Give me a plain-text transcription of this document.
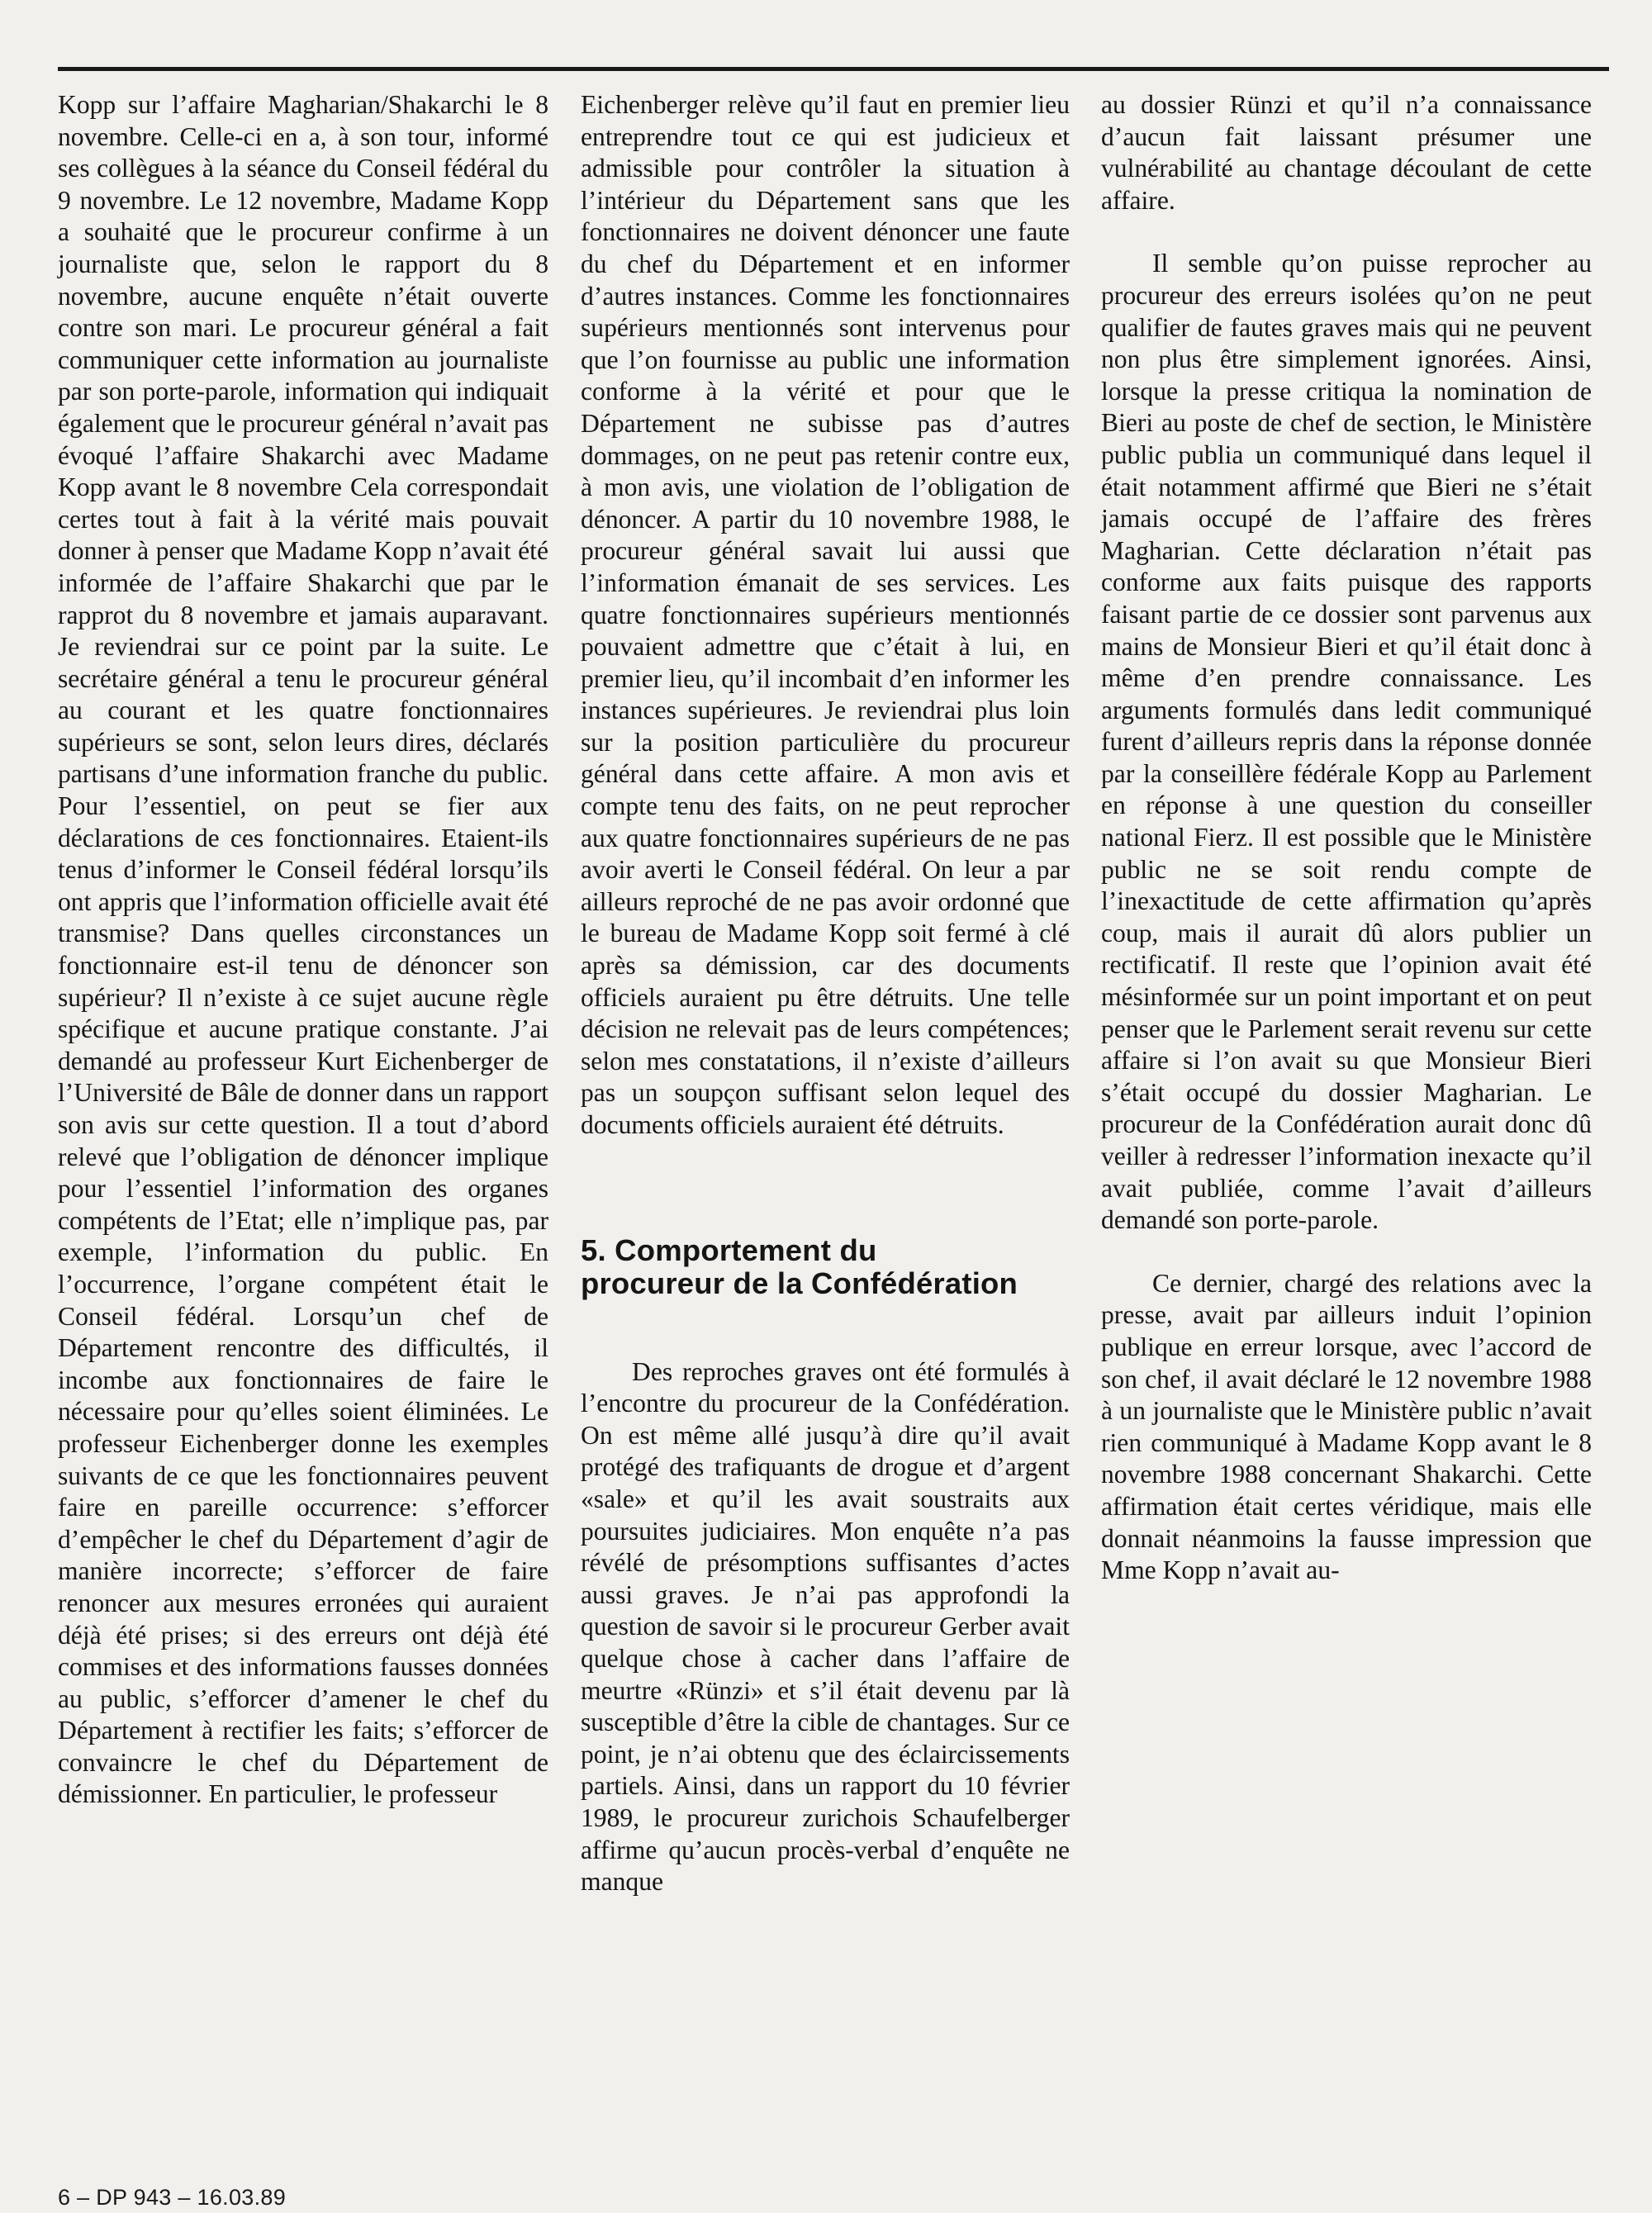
Kopp sur l’affaire Magharian/Shakarchi le 8 novembre. Celle-ci en a, à son tour, informé ses collègues à la séance du Conseil fédéral du 9 novembre. Le 12 novembre, Madame Kopp a souhaité que le procureur confirme à un journaliste que, selon le rapport du 8 novembre, aucune enquête n’était ouverte contre son mari. Le procureur général a fait communiquer cette information au journaliste par son porte-parole, information qui indiquait également que le procureur général n’avait pas évoqué l’affaire Shakarchi avec Madame Kopp avant le 8 novembre Cela correspondait certes tout à fait à la vérité mais pouvait donner à penser que Madame Kopp n’avait été informée de l’affaire Shakarchi que par le rapprot du 8 novembre et jamais auparavant. Je reviendrai sur ce point par la suite. Le secrétaire général a tenu le procureur général au courant et les quatre fonctionnaires supérieurs se sont, selon leurs dires, déclarés partisans d’une information franche du public. Pour l’essentiel, on peut se fier aux déclarations de ces fonctionnaires. Etaient-ils tenus d’informer le Conseil fédéral lorsqu’ils ont appris que l’information officielle avait été transmise? Dans quelles circonstances un fonctionnaire est-il tenu de dénoncer son supérieur? Il n’existe à ce sujet aucune règle spécifique et aucune pratique constante. J’ai demandé au professeur Kurt Eichenberger de l’Université de Bâle de donner dans un rapport son avis sur cette question. Il a tout d’abord relevé que l’obligation de dénoncer implique pour l’essentiel l’information des organes compétents de l’Etat; elle n’implique pas, par exemple, l’information du public. En l’occurrence, l’organe compétent était le Conseil fédéral. Lorsqu’un chef de Département rencontre des difficultés, il incombe aux fonctionnaires de faire le nécessaire pour qu’elles soient éliminées. Le professeur Eichenberger donne les exemples suivants de ce que les fonctionnaires peuvent faire en pareille occurrence: s’efforcer d’empêcher le chef du Département d’agir de manière incorrecte; s’efforcer de faire renoncer aux mesures erronées qui auraient déjà été prises; si des erreurs ont déjà été commises et des informations fausses données au public, s’efforcer d’amener le chef du Département à rectifier les faits; s’efforcer de convaincre le chef du Département de démissionner. En particulier, le professeur

Eichenberger relève qu’il faut en premier lieu entreprendre tout ce qui est judicieux et admissible pour contrôler la situation à l’intérieur du Département sans que les fonctionnaires ne doivent dénoncer une faute du chef du Département et en informer d’autres instances. Comme les fonctionnaires supérieurs mentionnés sont intervenus pour que l’on fournisse au public une information conforme à la vérité et pour que le Département ne subisse pas d’autres dommages, on ne peut pas retenir contre eux, à mon avis, une violation de l’obligation de dénoncer. A partir du 10 novembre 1988, le procureur général savait lui aussi que l’information émanait de ses services. Les quatre fonctionnaires supérieurs mentionnés pouvaient admettre que c’était à lui, en premier lieu, qu’il incombait d’en informer les instances supérieures. Je reviendrai plus loin sur la position particulière du procureur général dans cette affaire. A mon avis et compte tenu des faits, on ne peut reprocher aux quatre fonctionnaires supérieurs de ne pas avoir averti le Conseil fédéral. On leur a par ailleurs reproché de ne pas avoir ordonné que le bureau de Madame Kopp soit fermé à clé après sa démission, car des documents officiels auraient pu être détruits. Une telle décision ne relevait pas de leurs compétences; selon mes constatations, il n’existe d’ailleurs pas un soupçon suffisant selon lequel des documents officiels auraient été détruits.

5. Comportement du
procureur de la Confédération

Des reproches graves ont été formulés à l’encontre du procureur de la Confédération. On est même allé jusqu’à dire qu’il avait protégé des trafiquants de drogue et d’argent «sale» et qu’il les avait soustraits aux poursuites judiciaires. Mon enquête n’a pas révélé de présomptions suffisantes d’actes aussi graves. Je n’ai pas approfondi la question de savoir si le procureur Gerber avait quelque chose à cacher dans l’affaire de meurtre «Rünzi» et s’il était devenu par là susceptible d’être la cible de chantages. Sur ce point, je n’ai obtenu que des éclaircissements partiels. Ainsi, dans un rapport du 10 février 1989, le procureur zurichois Schaufelberger affirme qu’aucun procès-verbal d’enquête ne manque

au dossier Rünzi et qu’il n’a connaissance d’aucun fait laissant présumer une vulnérabilité au chantage découlant de cette affaire.

Il semble qu’on puisse reprocher au procureur des erreurs isolées qu’on ne peut qualifier de fautes graves mais qui ne peuvent non plus être simplement ignorées. Ainsi, lorsque la presse critiqua la nomination de Bieri au poste de chef de section, le Ministère public publia un communiqué dans lequel il était notamment affirmé que Bieri ne s’était jamais occupé de l’affaire des frères Magharian. Cette déclaration n’était pas conforme aux faits puisque des rapports faisant partie de ce dossier sont parvenus aux mains de Monsieur Bieri et qu’il était donc à même d’en prendre connaissance. Les arguments formulés dans ledit communiqué furent d’ailleurs repris dans la réponse donnée par la conseillère fédérale Kopp au Parlement en réponse à une question du conseiller national Fierz. Il est possible que le Ministère public ne se soit rendu compte de l’inexactitude de cette affirmation qu’après coup, mais il aurait dû alors publier un rectificatif. Il reste que l’opinion avait été mésinformée sur un point important et on peut penser que le Parlement serait revenu sur cette affaire si l’on avait su que Monsieur Bieri s’était occupé du dossier Magharian. Le procureur de la Confédération aurait donc dû veiller à redresser l’information inexacte qu’il avait publiée, comme l’avait d’ailleurs demandé son porte-parole.

Ce dernier, chargé des relations avec la presse, avait par ailleurs induit l’opinion publique en erreur lorsque, avec l’accord de son chef, il avait déclaré le 12 novembre 1988 à un journaliste que le Ministère public n’avait rien communiqué à Madame Kopp avant le 8 novembre 1988 concernant Shakarchi. Cette affirmation était certes véridique, mais elle donnait néanmoins la fausse impression que Mme Kopp n’avait au-

6 – DP 943 – 16.03.89
